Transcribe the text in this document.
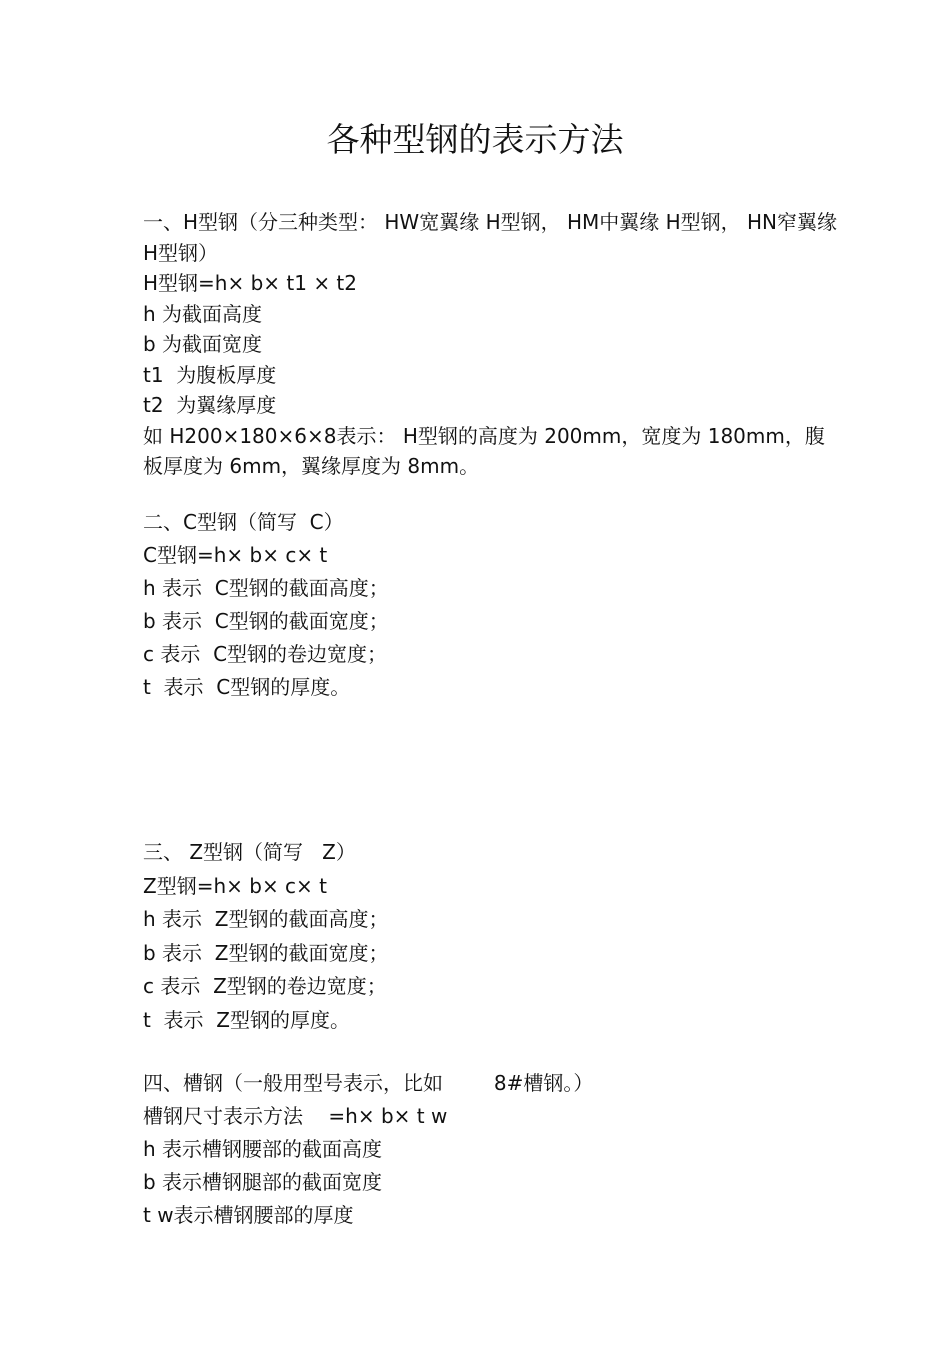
各种型钢的表示方法
一、H型钢（分三种类型： HW宽翼缘 H型钢， HM中翼缘 H型钢， HN窄翼缘 H型钢）
H型钢=h× b× t1 × t2
h 为截面高度
b 为截面宽度
t1  为腹板厚度
t2  为翼缘厚度
如 H200×180×6×8表示： H型钢的高度为 200mm，宽度为 180mm，腹板厚度为 6mm，翼缘厚度为 8mm。
二、C型钢（简写  C）
C型钢=h× b× c× t
h 表示  C型钢的截面高度；
b 表示  C型钢的截面宽度；
c 表示  C型钢的卷边宽度；
t  表示  C型钢的厚度。
三、 Z型钢（简写   Z）
Z型钢=h× b× c× t
h 表示  Z型钢的截面高度；
b 表示  Z型钢的截面宽度；
c 表示  Z型钢的卷边宽度；
t  表示  Z型钢的厚度。
四、槽钢（一般用型号表示，比如        8#槽钢。）
槽钢尺寸表示方法    =h× b× t w
h 表示槽钢腰部的截面高度
b 表示槽钢腿部的截面宽度
t w表示槽钢腰部的厚度
